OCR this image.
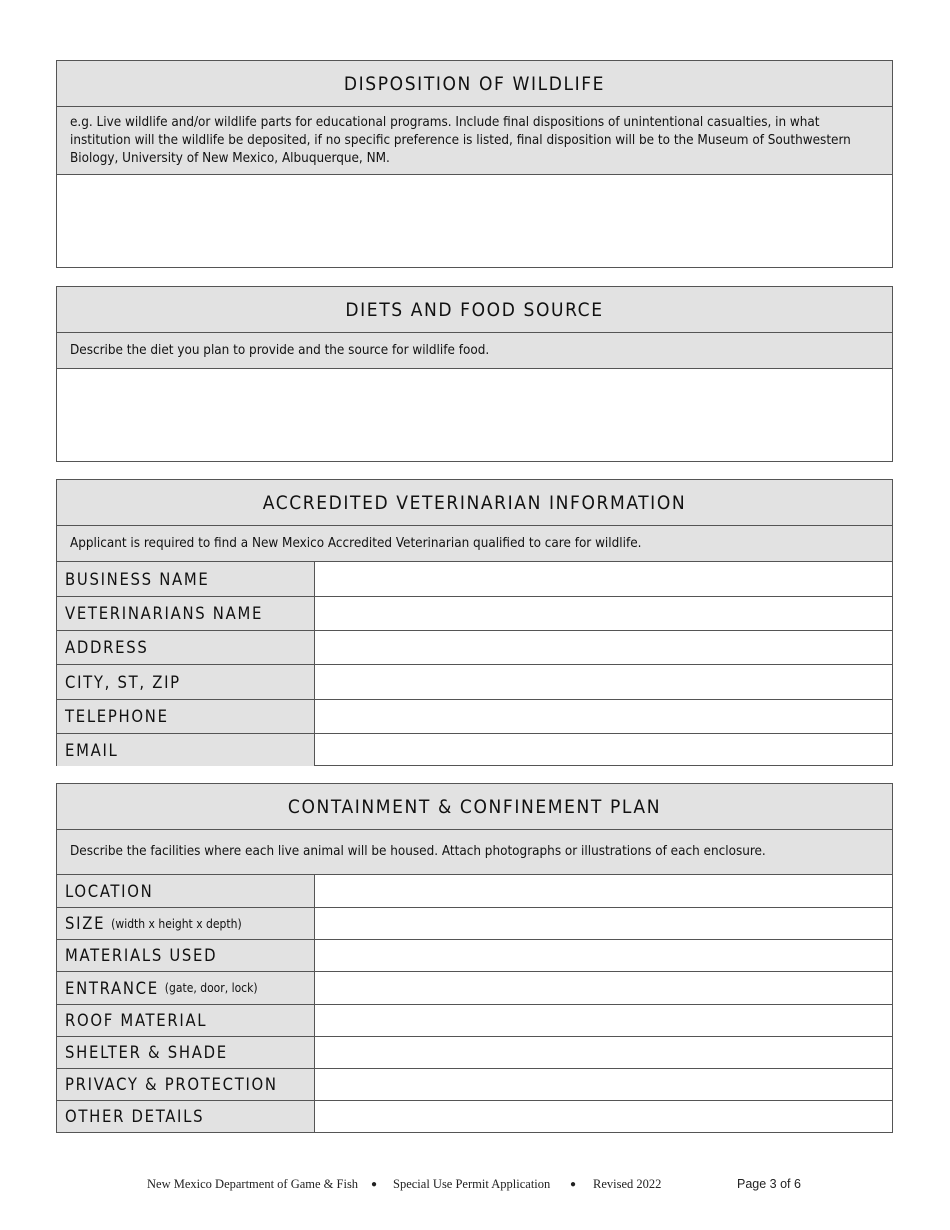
DISPOSITION OF WILDLIFE
e.g. Live wildlife and/or wildlife parts for educational programs. Include final dispositions of unintentional casualties, in what institution will the wildlife be deposited, if no specific preference is listed, final disposition will be to the Museum of Southwestern Biology, University of New Mexico, Albuquerque, NM.
DIETS AND FOOD SOURCE
Describe the diet you plan to provide and the source for wildlife food.
ACCREDITED VETERINARIAN INFORMATION
Applicant is required to find a New Mexico Accredited Veterinarian qualified to care for wildlife.
BUSINESS NAME
VETERINARIANS NAME
ADDRESS
CITY, ST, ZIP
TELEPHONE
EMAIL
CONTAINMENT & CONFINEMENT PLAN
Describe the facilities where each live animal will be housed. Attach photographs or illustrations of each enclosure.
LOCATION
SIZE (width x height x depth)
MATERIALS USED
ENTRANCE (gate, door, lock)
ROOF MATERIAL
SHELTER & SHADE
PRIVACY & PROTECTION
OTHER DETAILS
New Mexico Department of Game & Fish ● Special Use Permit Application ● Revised 2022	Page 3 of 6
